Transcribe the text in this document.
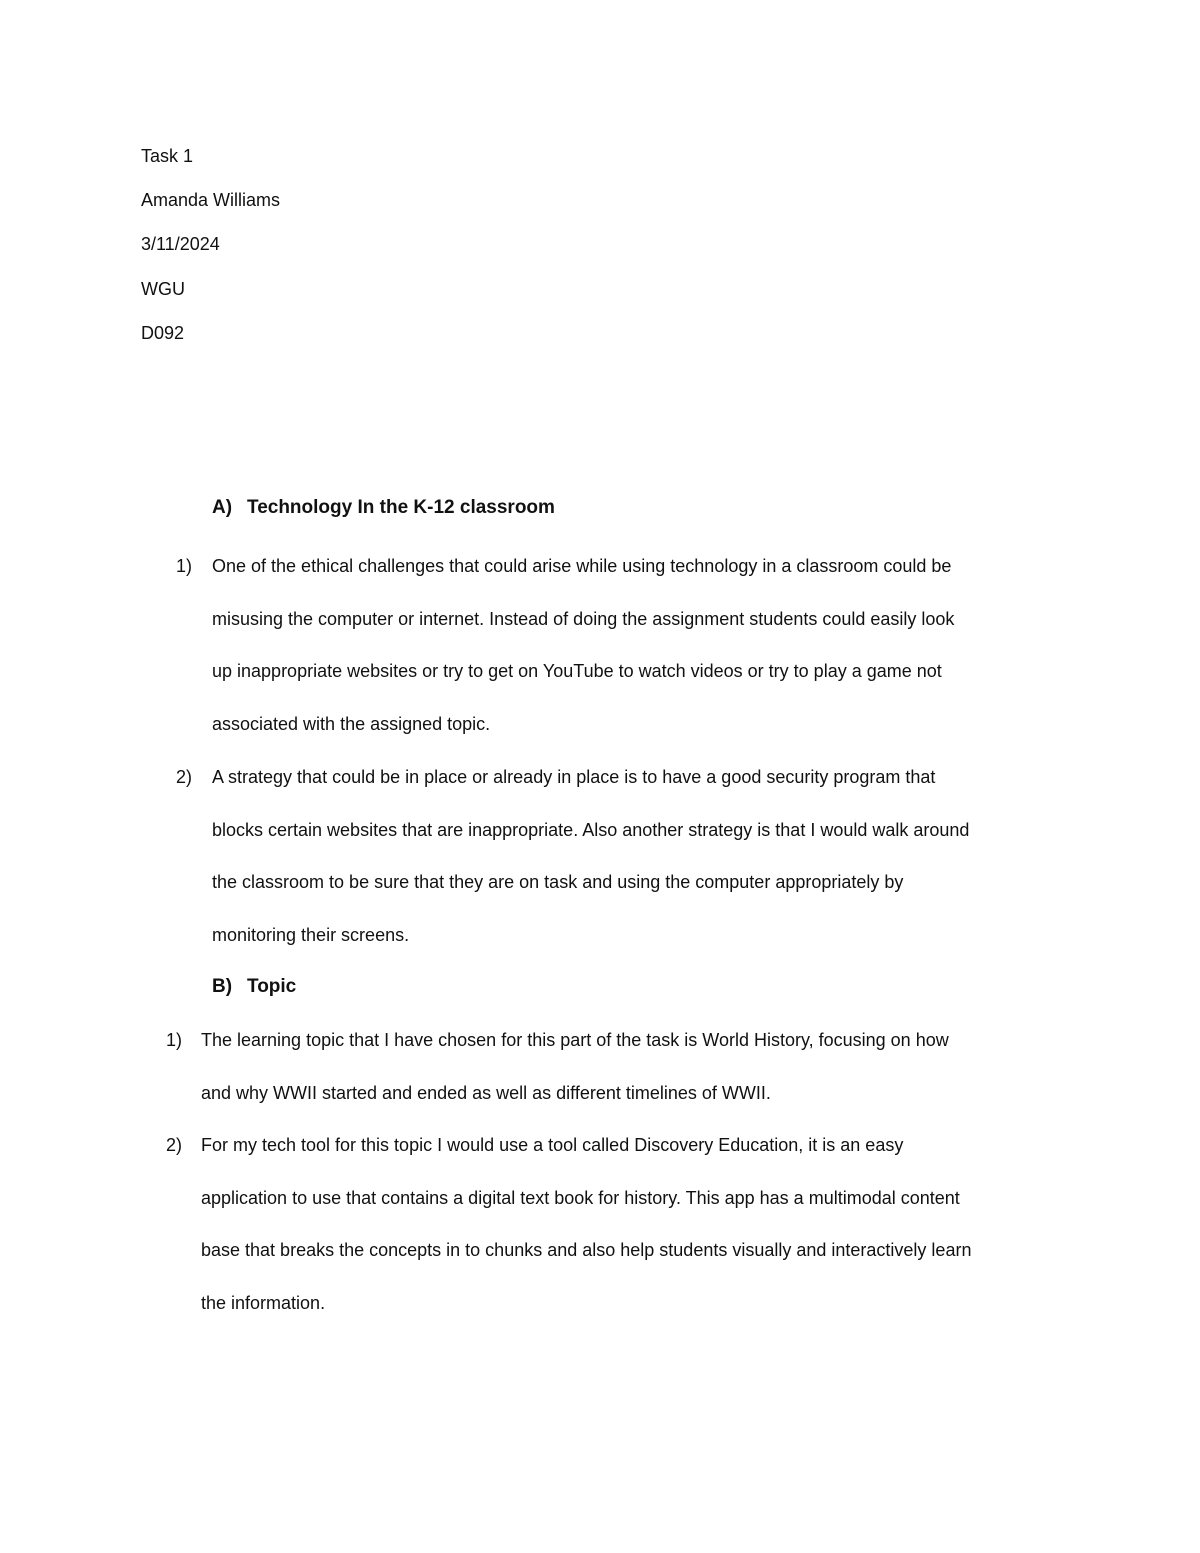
Task 1
Amanda Williams
3/11/2024
WGU
D092
A) Technology In the K-12 classroom
1) One of the ethical challenges that could arise while using technology in a classroom could be
misusing the computer or internet. Instead of doing the assignment students could easily look
up inappropriate websites or try to get on YouTube to watch videos or try to play a game not
associated with the assigned topic.
2) A strategy that could be in place or already in place is to have a good security program that
blocks certain websites that are inappropriate. Also another strategy is that I would walk around
the classroom to be sure that they are on task and using the computer appropriately by
monitoring their screens.
B) Topic
1) The learning topic that I have chosen for this part of the task is World History, focusing on how
and why WWII started and ended as well as different timelines of WWII.
2) For my tech tool for this topic I would use a tool called Discovery Education, it is an easy
application to use that contains a digital text book for history. This app has a multimodal content
base that breaks the concepts in to chunks and also help students visually and interactively learn
the information.
